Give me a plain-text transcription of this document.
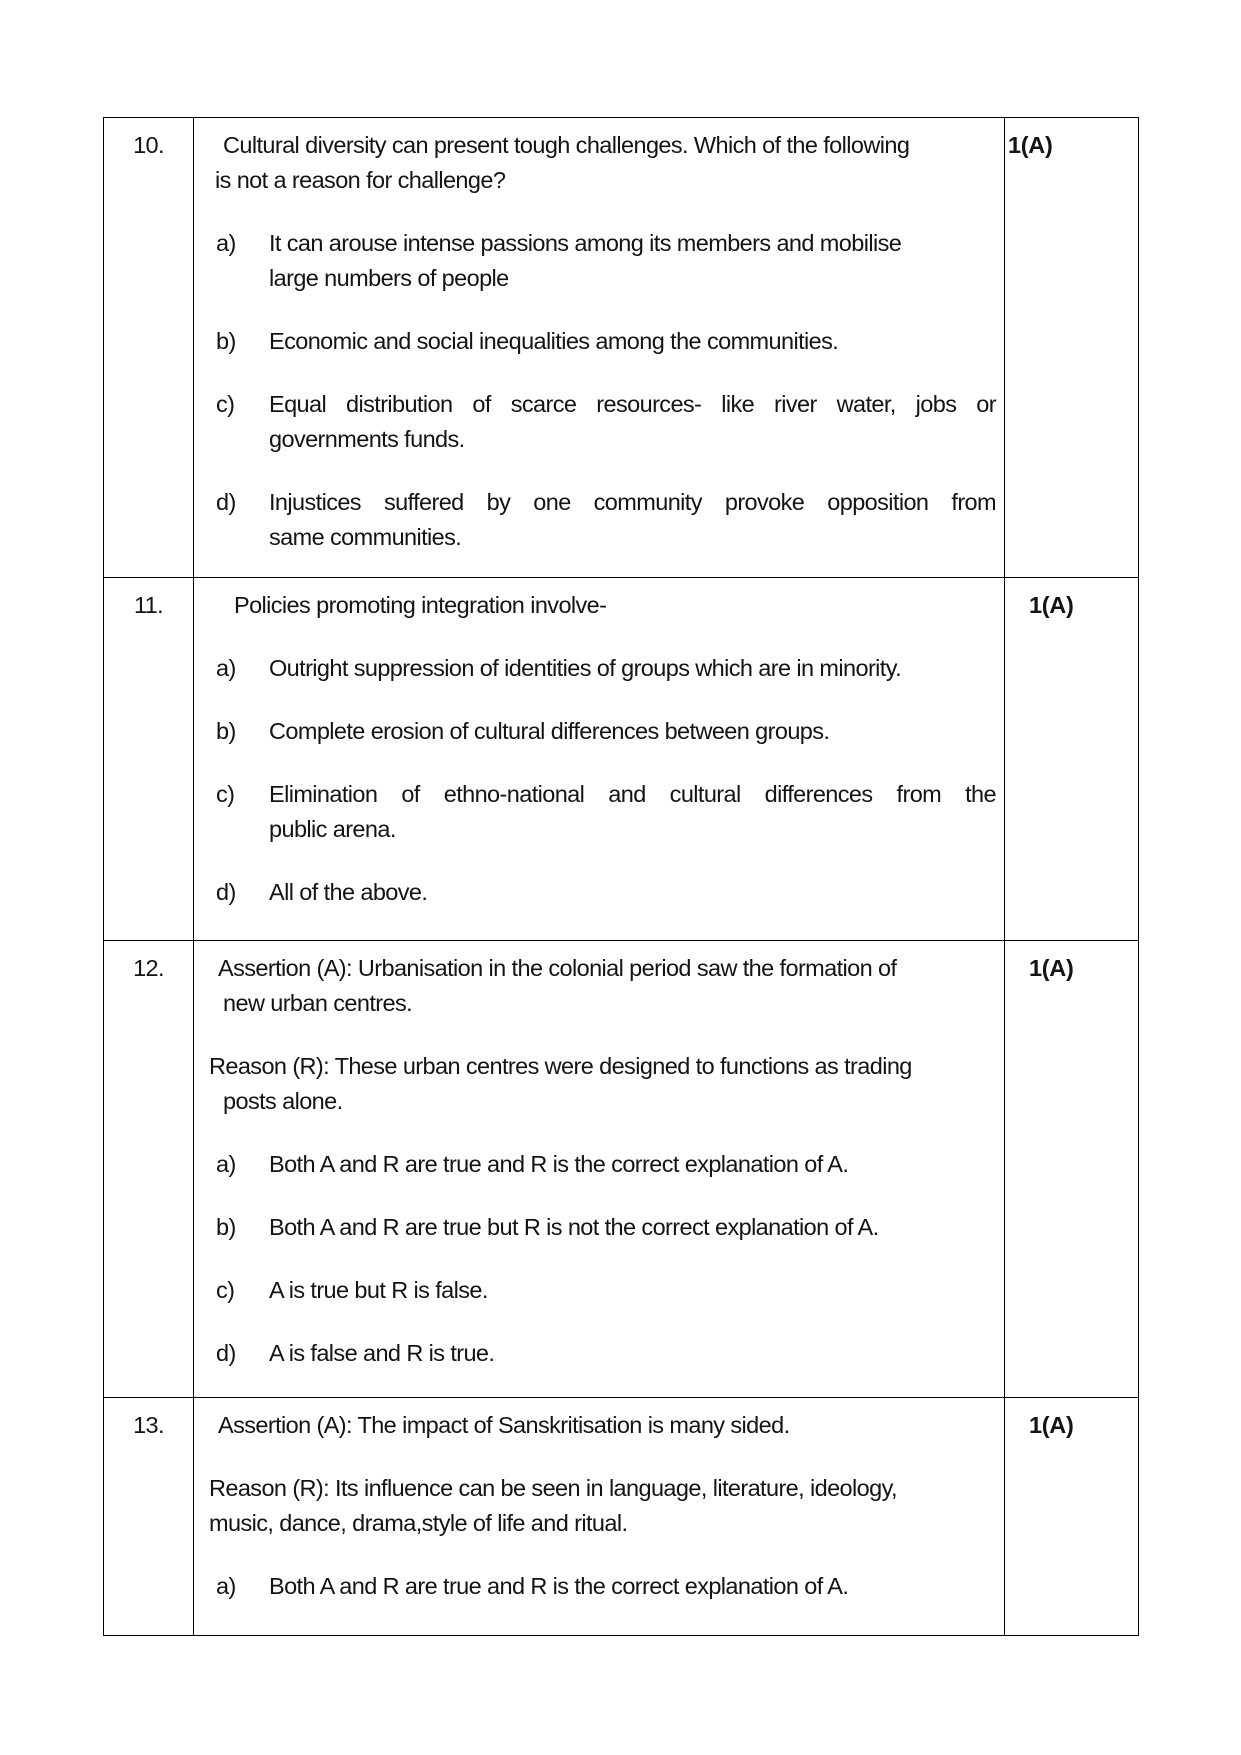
10.	Cultural diversity can present tough challenges. Which of the following
is not a reason for challenge?
a)	It can arouse intense passions among its members and mobilise
large numbers of people
b)	Economic and social inequalities among the communities.
c)	Equal distribution of scarce resources- like river water, jobs or
governments funds.
d)	Injustices suffered by one community provoke opposition from
same communities.

1(A)

11.	Policies promoting integration involve-
a)	Outright suppression of identities of groups which are in minority.
b)	Complete erosion of cultural differences between groups.
c)	Elimination of ethno-national and cultural differences from the
public arena.
d)	All of the above.

1(A)

12.	Assertion (A): Urbanisation in the colonial period saw the formation of
new urban centres.
Reason (R): These urban centres were designed to functions as trading
posts alone.
a)	Both A and R are true and R is the correct explanation of A.
b)	Both A and R are true but R is not the correct explanation of A.
c)	A is true but R is false.
d)	A is false and R is true.

1(A)

13.	Assertion (A): The impact of Sanskritisation is many sided.
Reason (R): Its influence can be seen in language, literature, ideology,
music, dance, drama,style of life and ritual.
a) Both A and R are true and R is the correct explanation of A.	1(A)
